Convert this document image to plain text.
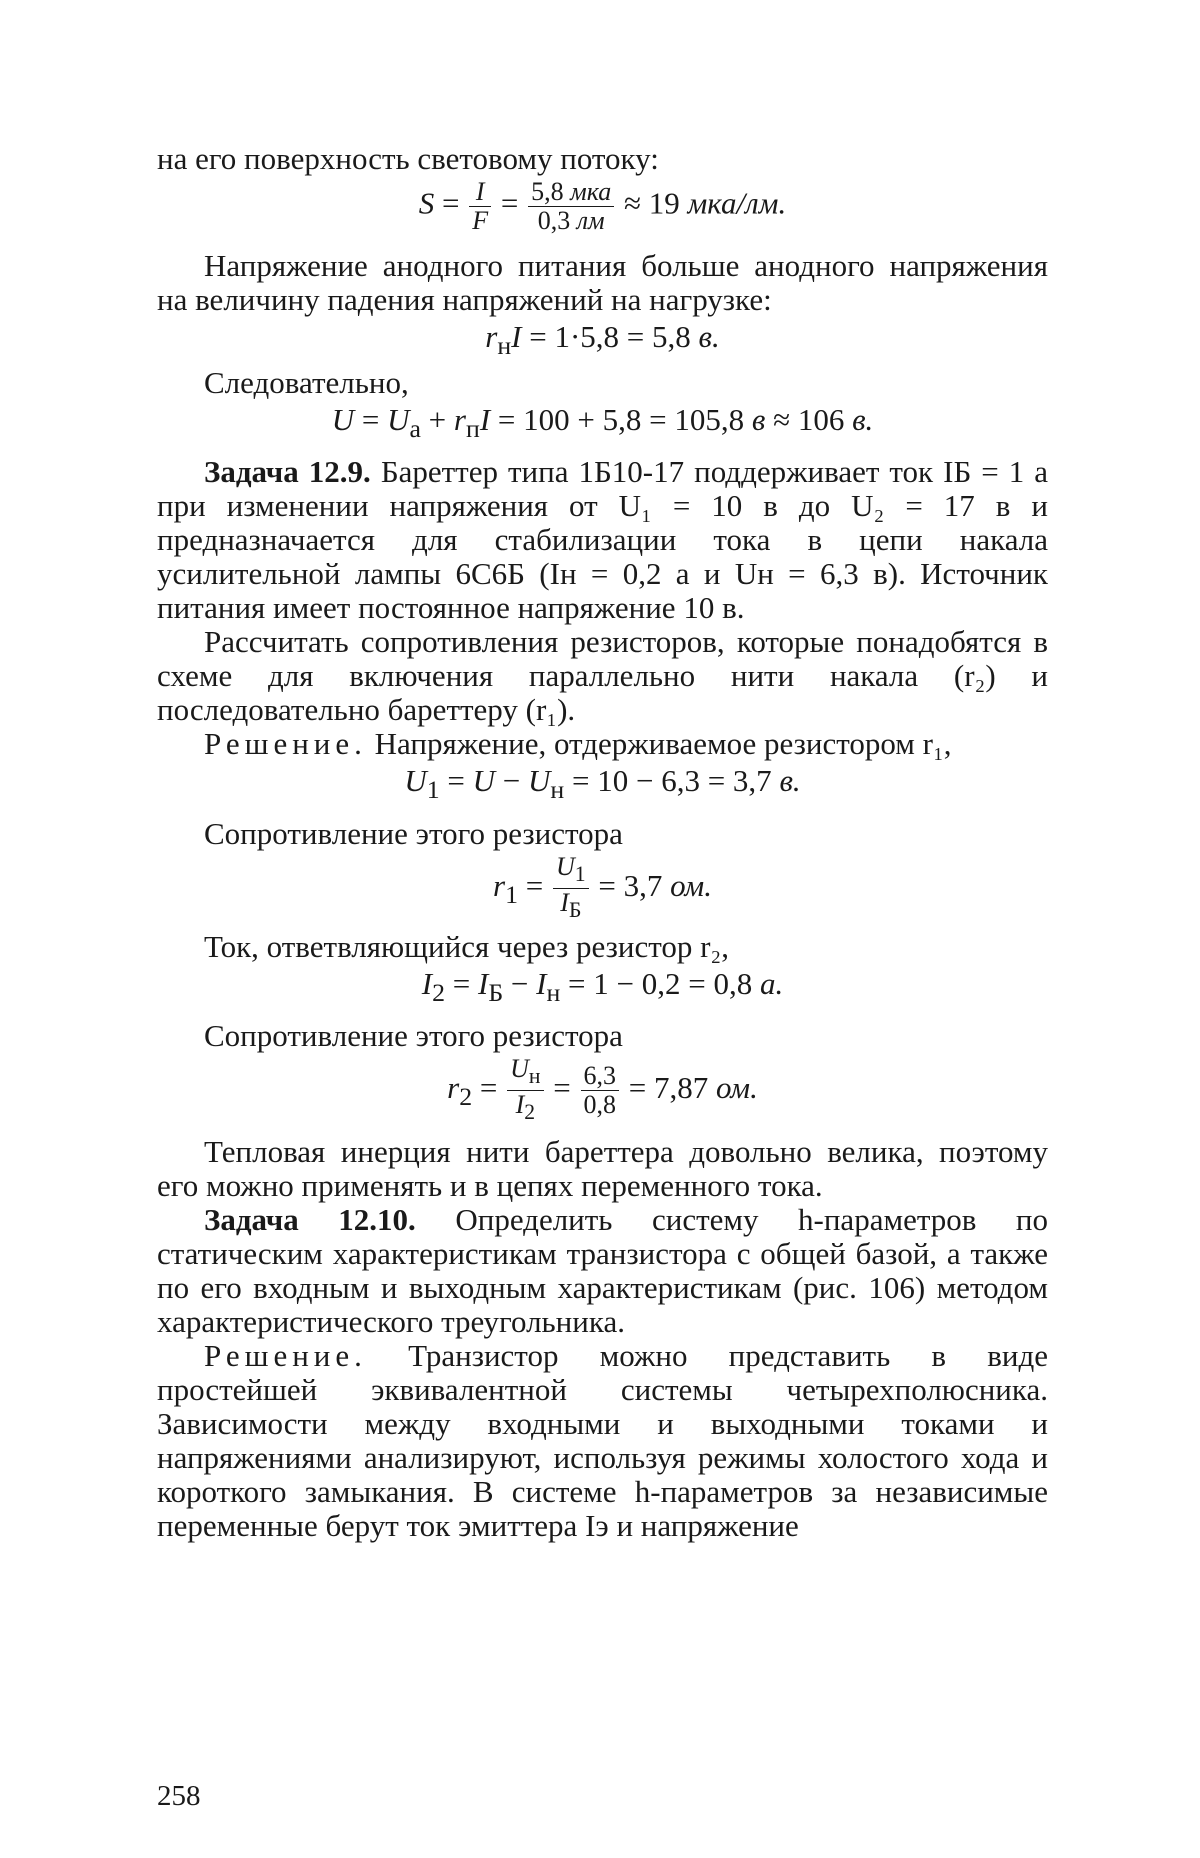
на его поверхность световому потоку:

$S = \frac{I}{F} = \frac{\text{5,8 мка}}{0,3 лм} \approx 19$ мка/лм.

Напряжение анодного питания больше анодного напряжения на величину падения напряжений на нагрузке:

$r_нI = 1\cdot 5,8 = 5,8$ в.

Следовательно,

$U = U_а + r_пI = 100 + 5,8 = 105,8$ в ≈ 106 в.

Задача 12.9. Бареттер типа 1Б10-17 поддерживает ток IБ = 1 а при изменении напряжения от U₁ = 10 в до U₂ = 17 в и предназначается для стабилизации тока в цепи накала усилительной лампы 6С6Б (Iн = 0,2 а и Uн = 6,3 в). Источник питания имеет постоянное напряжение 10 в.

Рассчитать сопротивления резисторов, которые понадобятся в схеме для включения параллельно нити накала (r₂) и последовательно бареттеру (r₁).

Решение. Напряжение, отдерживаемое резистором r₁,

$U_1 = U - U_н = 10 - 6,3 = 3,7$ в.

Сопротивление этого резистора

$r_1 = \frac{U_1}{I_Б} = 3,7$ ом.

Ток, ответвляющийся через резистор r₂,

$I_2 = I_Б - I_н = 1 - 0,2 = 0,8$ а.

Сопротивление этого резистора

$r_2 = \frac{U_н}{I_2} = \frac{6,3}{0,8} = 7,87$ ом.

Тепловая инерция нити бареттера довольно велика, поэтому его можно применять и в цепях переменного тока.

Задача 12.10. Определить систему h-параметров по статическим характеристикам транзистора с общей базой, а также по его входным и выходным характеристикам (рис. 106) методом характеристического треугольника.

Решение. Транзистор можно представить в виде простейшей эквивалентной системы четырехполюсника. Зависимости между входными и выходными токами и напряжениями анализируют, используя режимы холостого хода и короткого замыкания. В системе h-параметров за независимые переменные берут ток эмиттера Iэ и напряжение

258
